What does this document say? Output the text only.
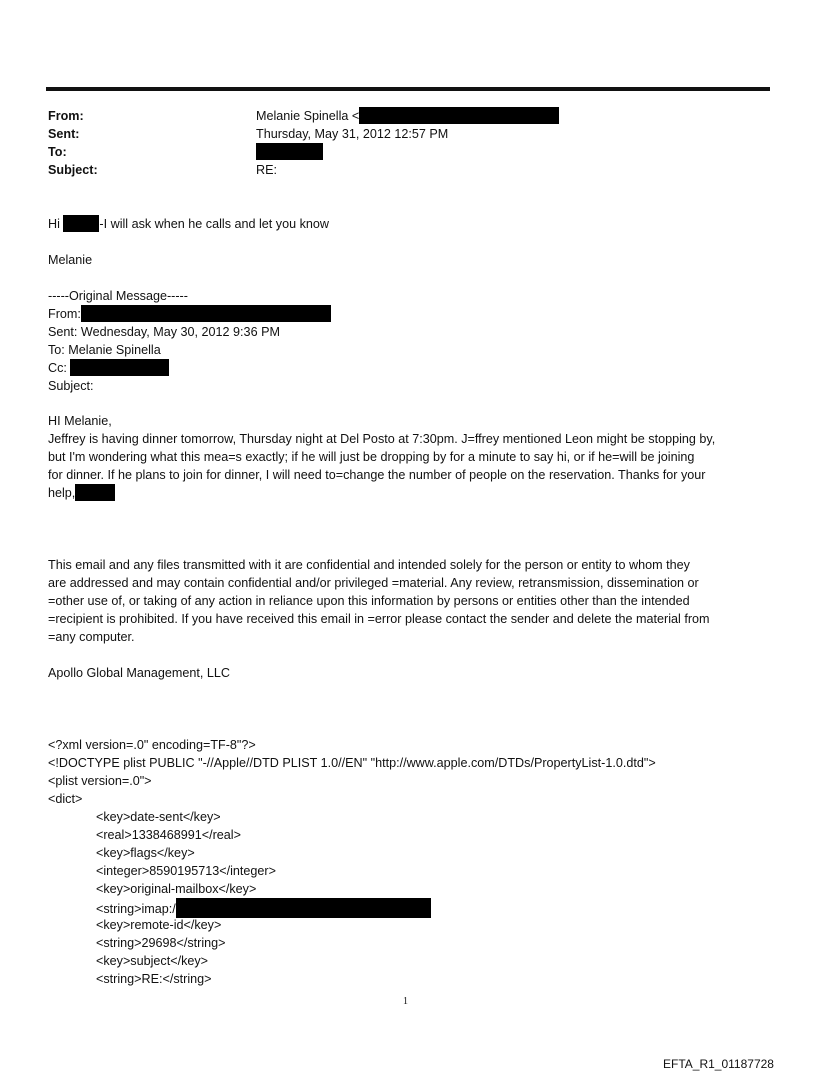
From:	Melanie Spinella <
Sent:	Thursday, May 31, 2012 12:57 PM
To:
Subject:	RE:
Hi	-I will ask when he calls and let you know
Melanie
-----Original Message-----
From:
Sent: Wednesday, May 30, 2012 9:36 PM
To: Melanie Spinella
Cc:
Subject:
HI Melanie,
Jeffrey is having dinner tomorrow, Thursday night at Del Posto at 7:30pm. J=ffrey mentioned Leon might be stopping by,
but I'm wondering what this mea=s exactly; if he will just be dropping by for a minute to say hi, or if he=will be joining
for dinner. If he plans to join for dinner, I will need to=change the number of people on the reservation. Thanks for your
help,
This email and any files transmitted with it are confidential and intended solely for the person or entity to whom they
are addressed and may contain confidential and/or privileged =material. Any review, retransmission, dissemination or
=other use of, or taking of any action in reliance upon this information by persons or entities other than the intended
=recipient is prohibited. If you have received this email in =error please contact the sender and delete the material from
=any computer.
Apollo Global Management, LLC
<?xml version=.0" encoding=TF-8"?>
<!DOCTYPE plist PUBLIC "-//Apple//DTD PLIST 1.0//EN" "http://www.apple.com/DTDs/PropertyList-1.0.dtd">
<plist version=.0">
<dict>
<key>date-sent</key>
<real>1338468991</real>
<key>flags</key>
<integer>8590195713</integer>
<key>original-mailbox</key>
<string>imap:/
<key>remote-id</key>
<string>29698</string>
<key>subject</key>
<string>RE:</string>
1
EFTA_R1_01187728
